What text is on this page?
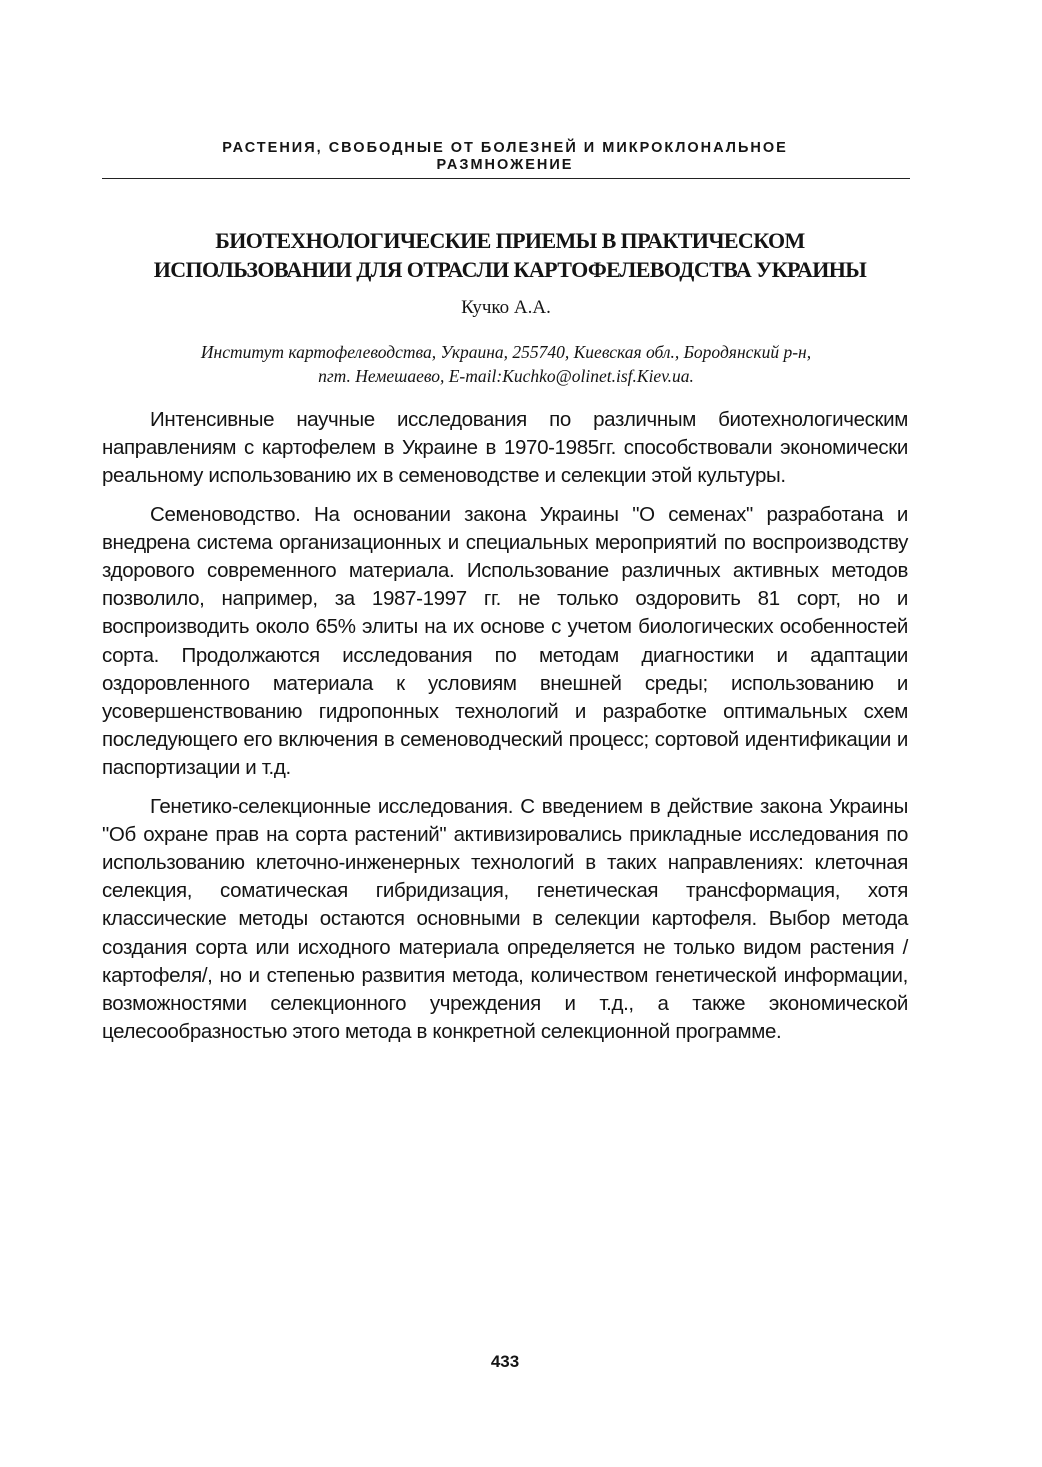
РАСТЕНИЯ, СВОБОДНЫЕ ОТ БОЛЕЗНЕЙ И МИКРОКЛОНАЛЬНОЕ
РАЗМНОЖЕНИЕ
БИОТЕХНОЛОГИЧЕСКИЕ ПРИЕМЫ В ПРАКТИЧЕСКОМ
ИСПОЛЬЗОВАНИИ ДЛЯ ОТРАСЛИ КАРТОФЕЛЕВОДСТВА УКРАИНЫ
Кучко А.А.
Институт картофелеводства, Украина, 255740, Киевская обл., Бородянский р-н,
пгт. Немешаево, E-mail:Kuchko@olinet.isf.Kiev.ua.

Интенсивные научные исследования по различным биотехнологическим направлениям с картофелем в Украине в 1970-1985гг. способствовали экономически реальному использованию их в семеноводстве и селекции этой культуры.

Семеноводство. На основании закона Украины "О семенах" разработана и внедрена система организационных и специальных мероприятий по воспроизводству здорового современного материала. Использование различных активных методов позволило, например, за 1987-1997 гг. не только оздоровить 81 сорт, но и воспроизводить около 65% элиты на их основе с учетом биологических особенностей сорта. Продолжаются исследования по методам диагностики и адаптации оздоровленного материала к условиям внешней среды; использованию и усовершенствованию гидропонных технологий и разработке оптимальных схем последующего его включения в семеноводческий процесс; сортовой идентификации и паспортизации и т.д.

Генетико-селекционные исследования. С введением в действие закона Украины "Об охране прав на сорта растений" активизировались прикладные исследования по использованию клеточно-инженерных технологий в таких направлениях: клеточная селекция, соматическая гибридизация, генетическая трансформация, хотя классические методы остаются основными в селекции картофеля. Выбор метода создания сорта или исходного материала определяется не только видом растения /картофеля/, но и степенью развития метода, количеством генетической информации, возможностями селекционного учреждения и т.д., а также экономической целесообразностью этого метода в конкретной селекционной программе.

433
